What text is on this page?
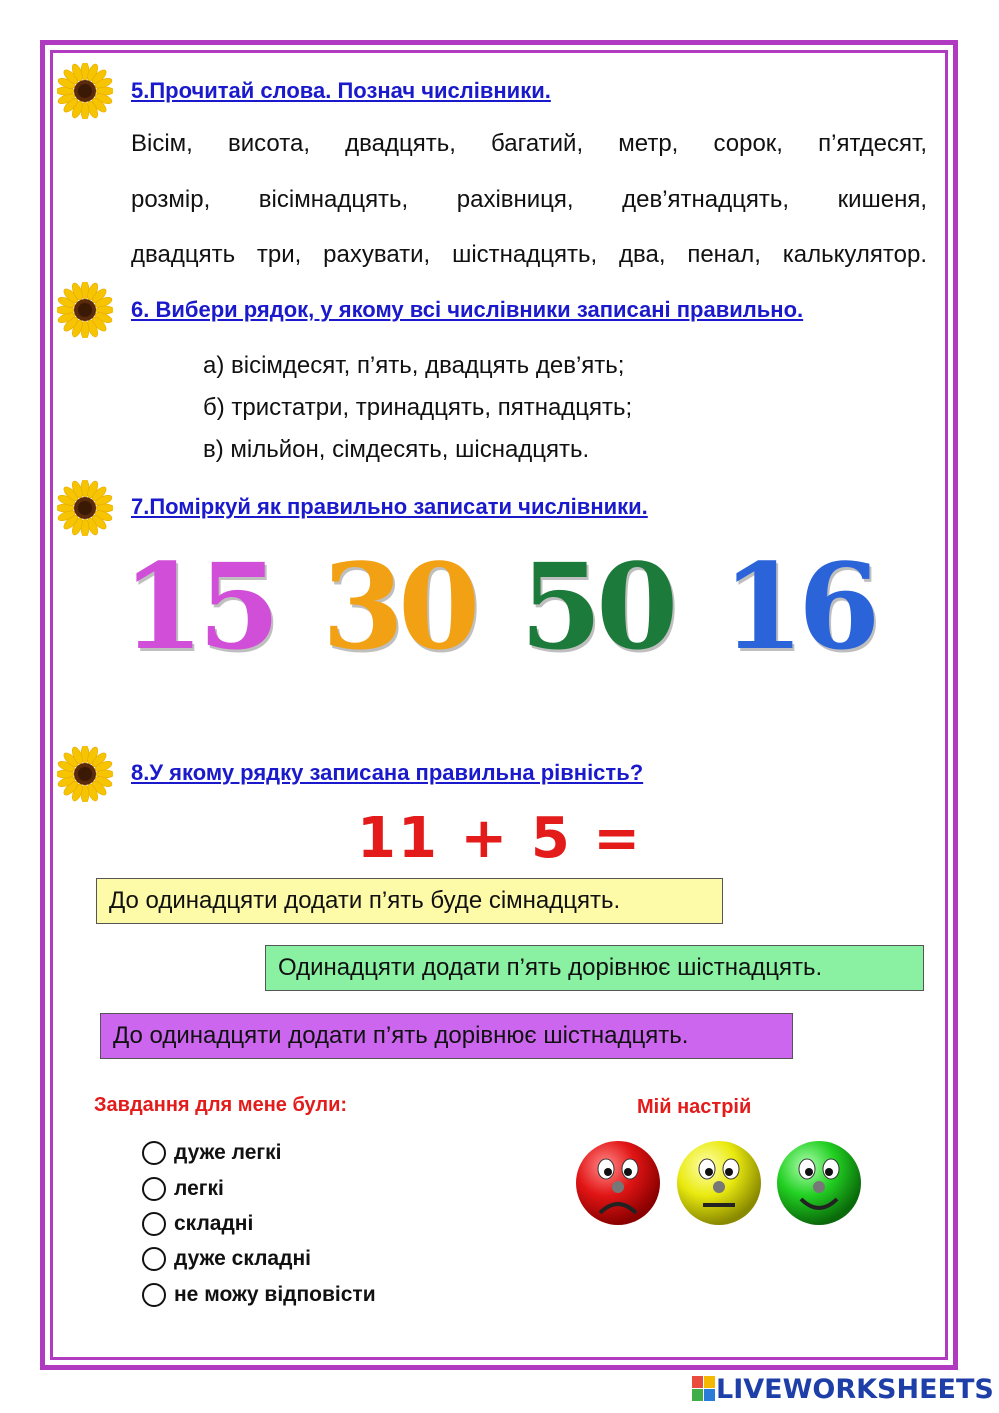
5.Прочитай слова. Познач числівники.
Вісім, висота, двадцять, багатий, метр, сорок, п’ятдесят,
розмір, вісімнадцять, рахівниця, дев’ятнадцять, кишеня,
двадцять три, рахувати, шістнадцять, два, пенал, калькулятор.
6. Вибери рядок, у якому всі числівники записані правильно.
а) вісімдесят, п’ять, двадцять дев’ять;
б) тристатри, тринадцять, пятнадцять;
в) мільйон, сімдесять, шіснадцять.
7.Поміркуй як правильно записати числівники.
15 30 50 16
8.У якому рядку записана правильна рівність?
11 + 5 =
До одинадцяти додати п’ять буде сімнадцять.
Одинадцяти додати п’ять дорівнює шістнадцять.
До одинадцяти додати п’ять дорівнює шістнадцять.
Завдання для мене були:	Мій настрій
дуже легкі
легкі
складні
дуже складні
не можу відповісти
LIVEWORKSHEETS
